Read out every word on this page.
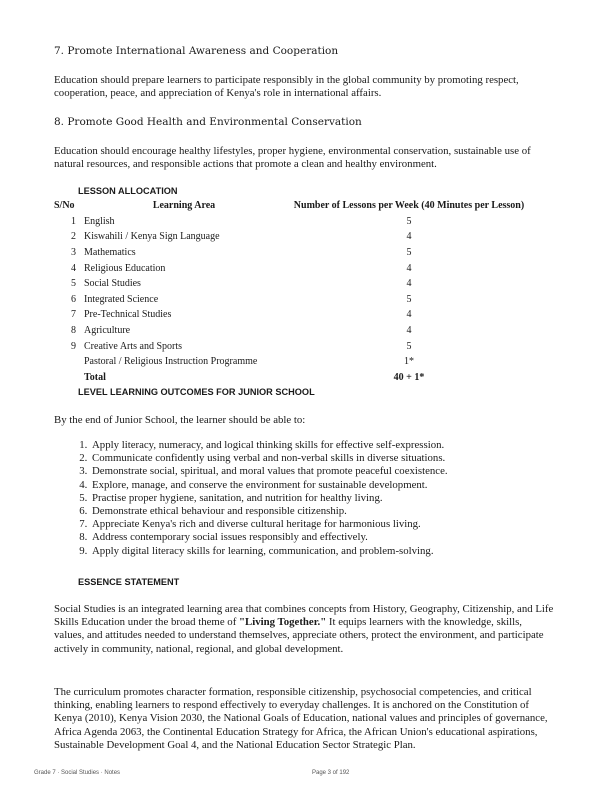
7. Promote International Awareness and Cooperation
Education should prepare learners to participate responsibly in the global community by promoting respect, cooperation, peace, and appreciation of Kenya's role in international affairs.
8. Promote Good Health and Environmental Conservation
Education should encourage healthy lifestyles, proper hygiene, environmental conservation, sustainable use of natural resources, and responsible actions that promote a clean and healthy environment.
LESSON ALLOCATION
S/No	Learning Area	Number of Lessons per Week (40 Minutes per Lesson)
1	English	5
2	Kiswahili / Kenya Sign Language	4
3	Mathematics	5
4	Religious Education	4
5	Social Studies	4
6	Integrated Science	5
7	Pre-Technical Studies	4
8	Agriculture	4
9	Creative Arts and Sports	5
	Pastoral / Religious Instruction Programme	1*
	Total	40 + 1*
LEVEL LEARNING OUTCOMES FOR JUNIOR SCHOOL
By the end of Junior School, the learner should be able to:
1. Apply literacy, numeracy, and logical thinking skills for effective self-expression.
2. Communicate confidently using verbal and non-verbal skills in diverse situations.
3. Demonstrate social, spiritual, and moral values that promote peaceful coexistence.
4. Explore, manage, and conserve the environment for sustainable development.
5. Practise proper hygiene, sanitation, and nutrition for healthy living.
6. Demonstrate ethical behaviour and responsible citizenship.
7. Appreciate Kenya's rich and diverse cultural heritage for harmonious living.
8. Address contemporary social issues responsibly and effectively.
9. Apply digital literacy skills for learning, communication, and problem-solving.
ESSENCE STATEMENT
Social Studies is an integrated learning area that combines concepts from History, Geography, Citizenship, and Life Skills Education under the broad theme of "Living Together." It equips learners with the knowledge, skills, values, and attitudes needed to understand themselves, appreciate others, protect the environment, and participate actively in community, national, regional, and global development.
The curriculum promotes character formation, responsible citizenship, psychosocial competencies, and critical thinking, enabling learners to respond effectively to everyday challenges. It is anchored on the Constitution of Kenya (2010), Kenya Vision 2030, the National Goals of Education, national values and principles of governance, Africa Agenda 2063, the Continental Education Strategy for Africa, the African Union's educational aspirations, Sustainable Development Goal 4, and the National Education Sector Strategic Plan.
Grade 7 · Social Studies · Notes	Page 3 of 192
